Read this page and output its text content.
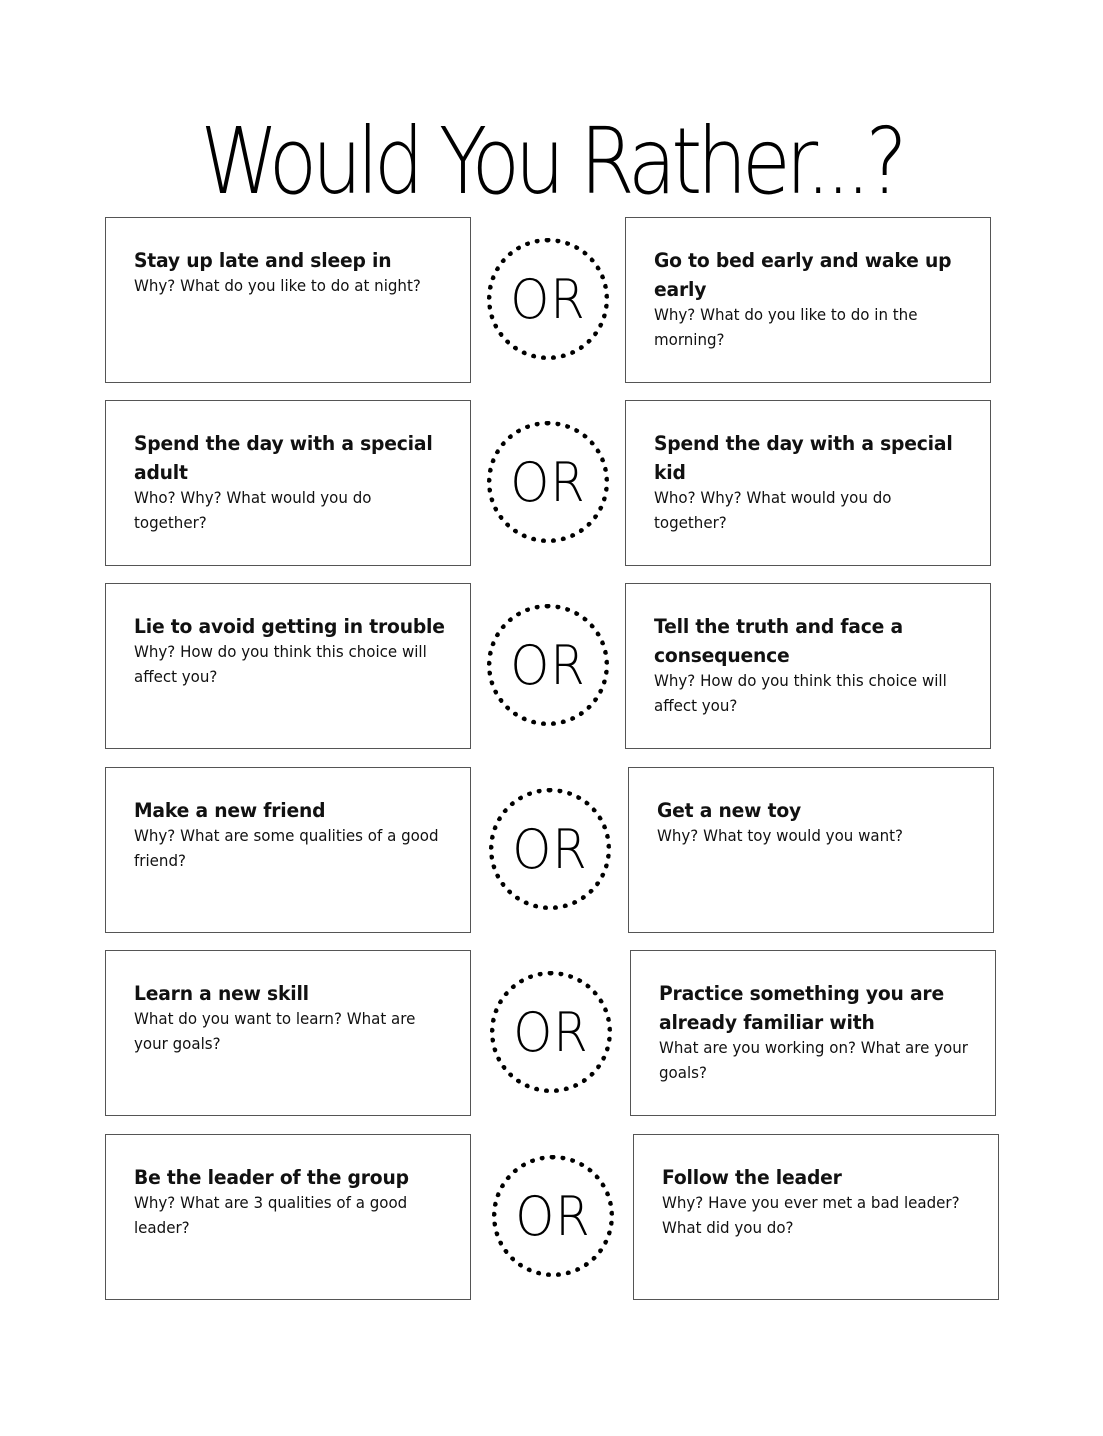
Would You Rather...?

Stay up late and sleep in

Why? What do you like to do at night?	OR

Go to bed early and wake up early

Why? What do you like to do in the morning?

Spend the day with a special adult

Who? Why? What would you do together?

OR

Spend the day with a special kid

Who? Why? What would you do together?

Lie to avoid getting in trouble

Why? How do you think this choice will affect you?	OR

Tell the truth and face a consequence

Why? How do you think this choice will affect you?

Make a new friend

Why? What are some qualities of a good friend?	OR

Get a new toy

Why? What toy would you want?

Learn a new skill

What do you want to learn? What are your goals?	OR

Practice something you are already familiar with

What are you working on? What are your goals?

Be the leader of the group

Why? What are 3 qualities of a good leader?	OR

Follow the leader

Why? Have you ever met a bad leader? What did you do?
